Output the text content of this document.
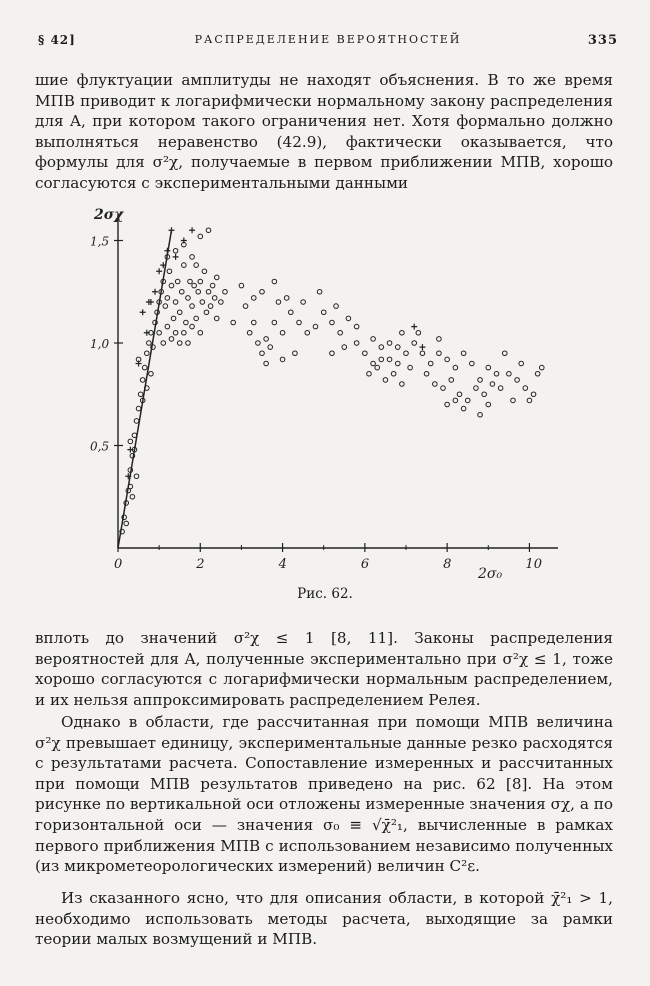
§ 42]	РАСПРЕДЕЛЕНИЕ ВЕРОЯТНОСТЕЙ	335

шие флуктуации амплитуды не находят объяснения. В то же время МПВ приводит к логарифмически нормальному закону распределения для A, при котором такого ограничения нет. Хотя формально должно выполняться неравенство (42.9), фактически оказывается, что формулы для σ²χ, получаемые в первом приближении МПВ, хорошо согласуются с экспериментальными данными

0	2	4	6	8	10
0,5
1,0
1,5
2σχ
2σ₀
Рис. 62.

вплоть до значений σ²χ ≤ 1 [8, 11]. Законы распределения вероятностей для A, полученные экспериментально при σ²χ ≤ 1, тоже хорошо согласуются с логарифмически нормальным распределением, и их нельзя аппроксимировать распределением Релея.

Однако в области, где рассчитанная при помощи МПВ величина σ²χ превышает единицу, экспериментальные данные резко расходятся с результатами расчета. Сопоставление измеренных и рассчитанных при помощи МПВ результатов приведено на рис. 62 [8]. На этом рисунке по вертикальной оси отложены измеренные значения σχ, а по горизонтальной оси — значения σ₀ ≡ √χ̄²₁, вычисленные в рамках первого приближения МПВ с использованием независимо полученных (из микрометеорологических измерений) величин C²ε.

Из сказанного ясно, что для описания области, в которой χ̄²₁ > 1, необходимо использовать методы расчета, выходящие за рамки теории малых возмущений и МПВ.
